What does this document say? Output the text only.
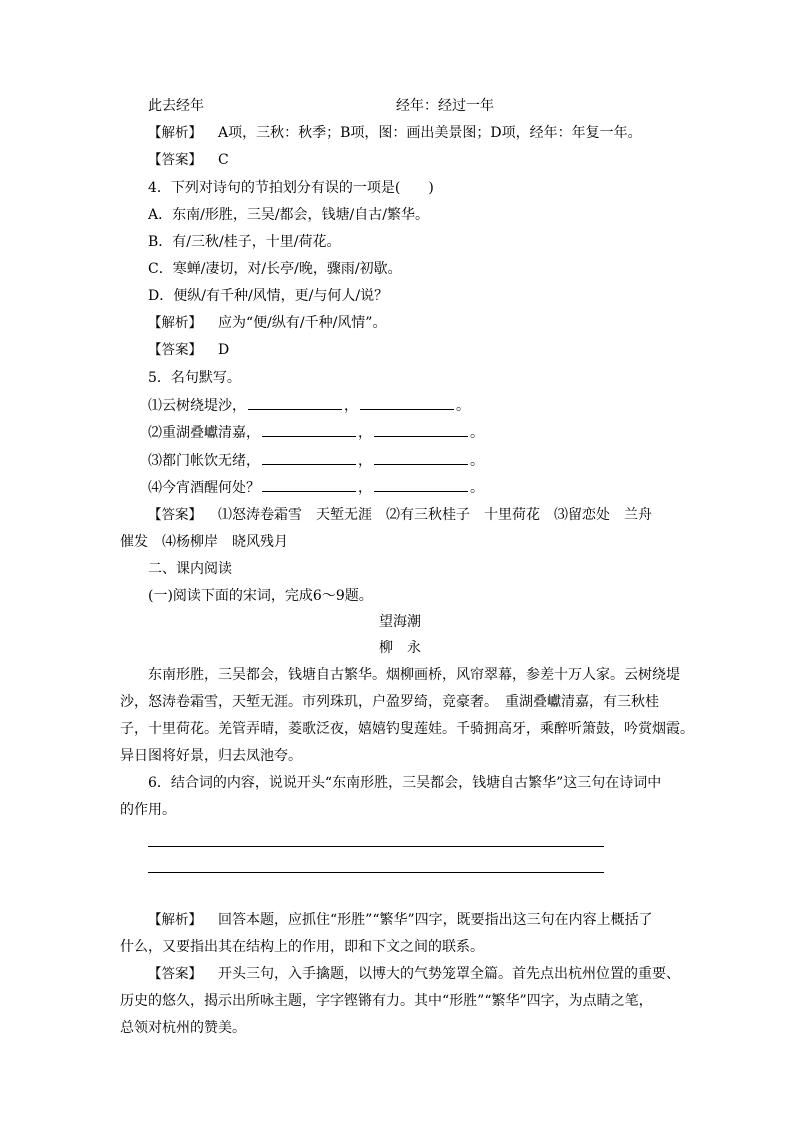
此去经年	经年：经过一年
【解析】 A项，三秋：秋季；B项，图：画出美景图；D项，经年：年复一年。
【答案】 C
4．下列对诗句的节拍划分有误的一项是(　　)
A．东南/形胜，三吴/都会，钱塘/自古/繁华。
B．有/三秋/桂子，十里/荷花。
C．寒蝉/凄切，对/长亭/晚，骤雨/初歇。
D．便纵/有千种/风情，更/与何人/说？
【解析】 应为“便/纵有/千种/风情”。
【答案】 D
5．名句默写。
⑴云树绕堤沙，	，	。
⑵重湖叠巘清嘉，	，	。
⑶都门帐饮无绪，	，	。
⑷今宵酒醒何处？	，	。
【答案】 ⑴怒涛卷霜雪　天堑无涯　⑵有三秋桂子　十里荷花　⑶留恋处　兰舟
催发　⑷杨柳岸　晓风残月
二、课内阅读
(一)阅读下面的宋词，完成6～9题。
望海潮
柳　永
东南形胜，三吴都会，钱塘自古繁华。烟柳画桥，风帘翠幕，参差十万人家。云树绕堤
沙，怒涛卷霜雪，天堑无涯。市列珠玑，户盈罗绮，竞豪奢。　重湖叠巘清嘉，有三秋桂
子，十里荷花。羌管弄晴，菱歌泛夜，嬉嬉钓叟莲娃。千骑拥高牙，乘醉听箫鼓，吟赏烟霞。
异日图将好景，归去凤池夸。
6．结合词的内容，说说开头“东南形胜，三吴都会，钱塘自古繁华”这三句在诗词中
的作用。
【解析】 回答本题，应抓住“形胜”“繁华”四字，既要指出这三句在内容上概括了
什么，又要指出其在结构上的作用，即和下文之间的联系。
【答案】 开头三句，入手擒题，以博大的气势笼罩全篇。首先点出杭州位置的重要、
历史的悠久，揭示出所咏主题，字字铿锵有力。其中“形胜”“繁华”四字，为点睛之笔，
总领对杭州的赞美。
